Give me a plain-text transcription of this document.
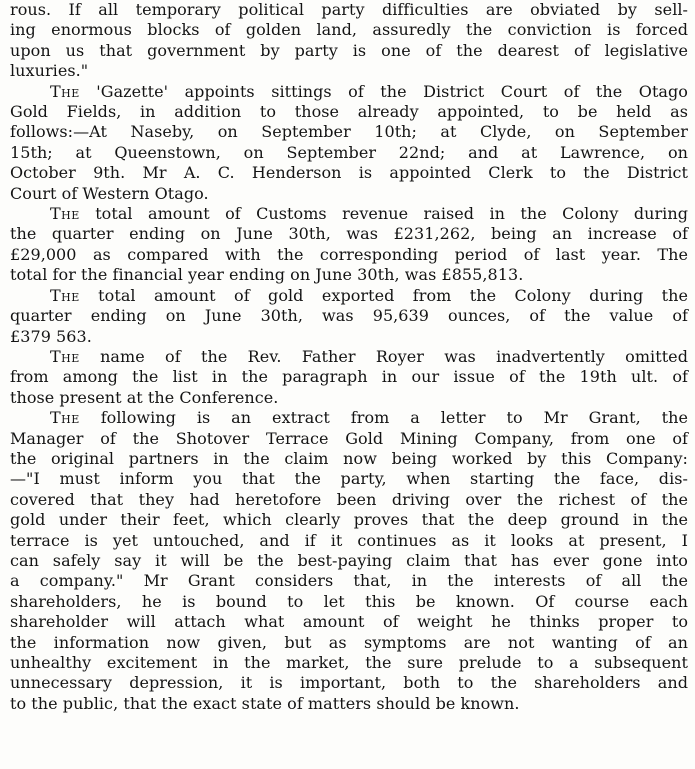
rous. If all temporary political party difficulties are obviated by sell-
ing enormous blocks of golden land, assuredly the conviction is forced
upon us that government by party is one of the dearest of legislative
luxuries."

The 'Gazette' appoints sittings of the District Court of the Otago
Gold Fields, in addition to those already appointed, to be held as
follows:—At Naseby, on September 10th; at Clyde, on September
15th; at Queenstown, on September 22nd; and at Lawrence, on
October 9th. Mr A. C. Henderson is appointed Clerk to the District
Court of Western Otago.

The total amount of Customs revenue raised in the Colony during
the quarter ending on June 30th, was £231,262, being an increase of
£29,000 as compared with the corresponding period of last year. The
total for the financial year ending on June 30th, was £855,813.

The total amount of gold exported from the Colony during the
quarter ending on June 30th, was 95,639 ounces, of the value of
£379 563.

The name of the Rev. Father Royer was inadvertently omitted
from among the list in the paragraph in our issue of the 19th ult. of
those present at the Conference.

The following is an extract from a letter to Mr Grant, the
Manager of the Shotover Terrace Gold Mining Company, from one of
the original partners in the claim now being worked by this Company:
—"I must inform you that the party, when starting the face, dis-
covered that they had heretofore been driving over the richest of the
gold under their feet, which clearly proves that the deep ground in the
terrace is yet untouched, and if it continues as it looks at present, I
can safely say it will be the best-paying claim that has ever gone into
a company." Mr Grant considers that, in the interests of all the
shareholders, he is bound to let this be known. Of course each
shareholder will attach what amount of weight he thinks proper to
the information now given, but as symptoms are not wanting of an
unhealthy excitement in the market, the sure prelude to a subsequent
unnecessary depression, it is important, both to the shareholders and
to the public, that the exact state of matters should be known.
